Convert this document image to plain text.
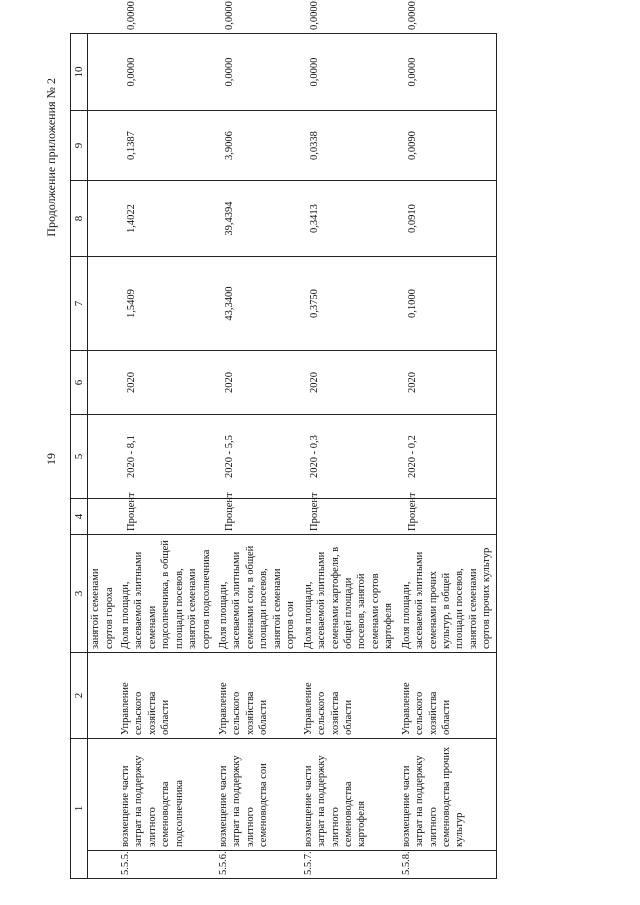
19
Продолжение приложения № 2
1		2	3	4	5	6	7	8	9	10	
			занятой семенами сортов гороха								
5.5.5.	возмещение части затрат на поддержку элитного семеноводства подсолнечника	Управление сельского хозяйства области	Доля площади, засеваемой элитными семенами подсолнечника, в общей площади посевов, занятой семенами сортов подсолнечника	Процент	2020 - 8,1	2020	1,5409	1,4022	0,1387	0,0000	0,0000
5.5.6.	возмещение части затрат на поддержку элитного семеноводства сои	Управление сельского хозяйства области	Доля площади, засеваемой элитными семенами сои, в общей площади посевов, занятой семенами сортов сои	Процент	2020 - 5,5	2020	43,3400	39,4394	3,9006	0,0000	0,0000
5.5.7.	возмещение части затрат на поддержку элитного семеноводства картофеля	Управление сельского хозяйства области	Доля площади, засеваемой элитными семенами картофеля, в общей площади посевов, занятой семенами сортов картофеля	Процент	2020 - 0,3	2020	0,3750	0,3413	0,0338	0,0000	0,0000
5.5.8.	возмещение части затрат на поддержку элитного семеноводства прочих культур	Управление сельского хозяйства области	Доля площади, засеваемой элитными семенами прочих культур, в общей площади посевов, занятой семенами сортов прочих культур	Процент	2020 - 0,2	2020	0,1000	0,0910	0,0090	0,0000	0,0000
